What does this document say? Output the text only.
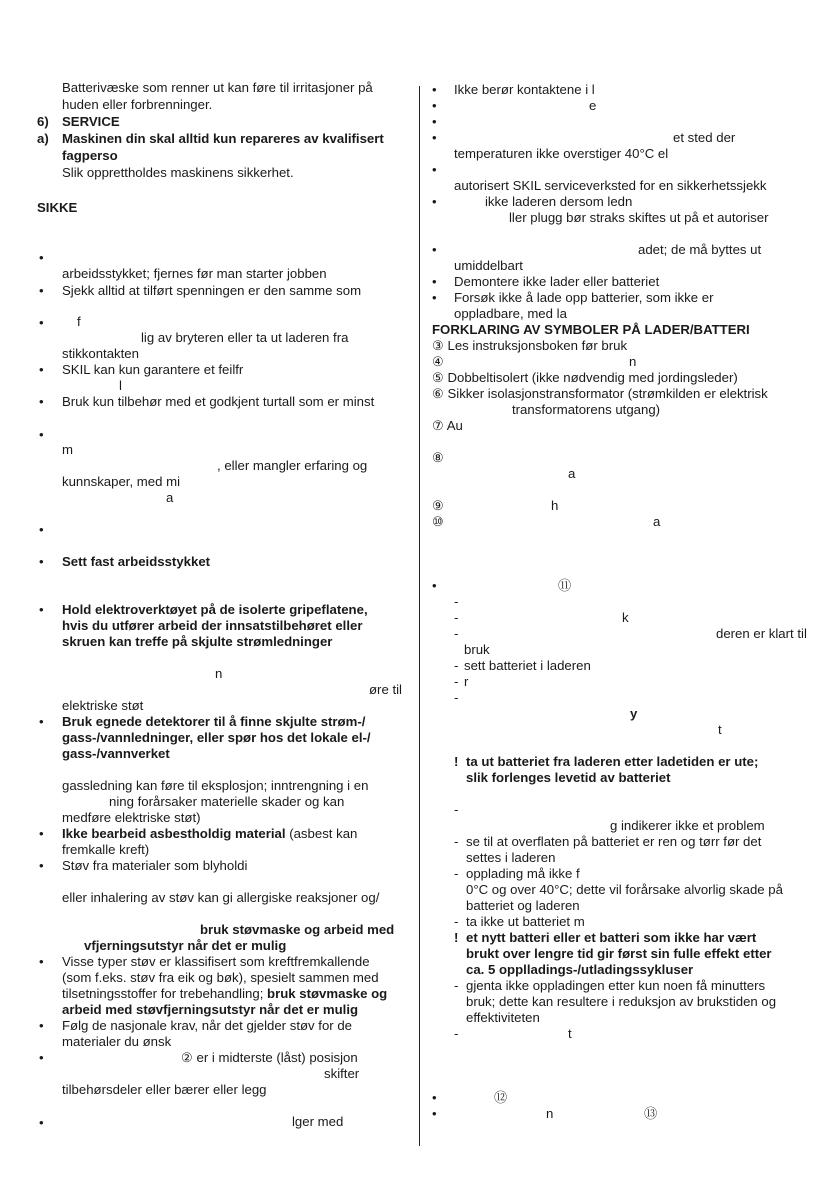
Batterivæske som renner ut kan føre til irritasjoner på
huden eller forbrenninger.
6) SERVICE
a) Maskinen din skal alltid kun repareres av kvalifisert
fagperso
Slik opprettholdes maskinens sikkerhet.
SIKKE
•
arbeidsstykket; fjernes før man starter jobben
• Sjekk alltid at tilført spenningen er den samme som
•	f
lig av bryteren eller ta ut laderen fra
stikkontakten
• SKIL kan kun garantere et feilfr
l
• Bruk kun tilbehør med et godkjent turtall som er minst
•
m
, eller mangler erfaring og
kunnskaper, med mi
a
•
• Sett fast arbeidsstykket
• Hold elektroverktøyet på de isolerte gripeflatene,
hvis du utfører arbeid der innsatstilbehøret eller
skruen kan treffe på skjulte strømledninger
n
øre til
elektriske støt
• Bruk egnede detektorer til å finne skjulte strøm-/
gass-/vannledninger, eller spør hos det lokale el-/
gass-/vannverket
gassledning kan føre til eksplosjon; inntrengning i en
ning forårsaker materielle skader og kan
medføre elektriske støt)
• Ikke bearbeid asbestholdig material (asbest kan
fremkalle kreft)
• Støv fra materialer som blyholdi
eller inhalering av støv kan gi allergiske reaksjoner og/
bruk støvmaske og arbeid med
vfjerningsutstyr når det er mulig
• Visse typer støv er klassifisert som kreftfremkallende
(som f.eks. støv fra eik og bøk), spesielt sammen med
tilsetningsstoffer for trebehandling; bruk støvmaske og
arbeid med støvfjerningsutstyr når det er mulig
• Følg de nasjonale krav, når det gjelder støv for de
materialer du ønsk
•	② er i midterste (låst) posisjon
skifter
tilbehørsdeler eller bærer eller legg
•	lger med
• Ikke berør kontaktene i l
•	e
•
•	et sted der
temperaturen ikke overstiger 40°C el
•
autorisert SKIL serviceverksted for en sikkerhetssjekk
•	ikke laderen dersom ledn
ller plugg bør straks skiftes ut på et autoriser
•	adet; de må byttes ut
umiddelbart
• Demontere ikke lader eller batteriet
• Forsøk ikke å lade opp batterier, som ikke er
oppladbare, med la
FORKLARING AV SYMBOLER PÅ LADER/BATTERI
③ Les instruksjonsboken før bruk
④	n
⑤ Dobbeltisolert (ikke nødvendig med jordingsleder)
⑥ Sikker isolasjonstransformator (strømkilden er elektrisk
transformatorens utgang)
⑦ Au
⑧
a
⑨	h
⑩	a
•	⑪
-
-	k
-	deren er klart til
bruk
- sett batteriet i laderen
- r
-
y
t
! ta ut batteriet fra laderen etter ladetiden er ute;
slik forlenges levetid av batteriet
-
g indikerer ikke et problem
- se til at overflaten på batteriet er ren og tørr før det
settes i laderen
- opplading må ikke f
0°C og over 40°C; dette vil forårsake alvorlig skade på
batteriet og laderen
- ta ikke ut batteriet m
! et nytt batteri eller et batteri som ikke har vært
brukt over lengre tid gir først sin fulle effekt etter
ca. 5 opplladings-/utladingssykluser
- gjenta ikke oppladingen etter kun noen få minutters
bruk; dette kan resultere i reduksjon av brukstiden og
effektiviteten
-	t
•	⑫
•	n	⑬
